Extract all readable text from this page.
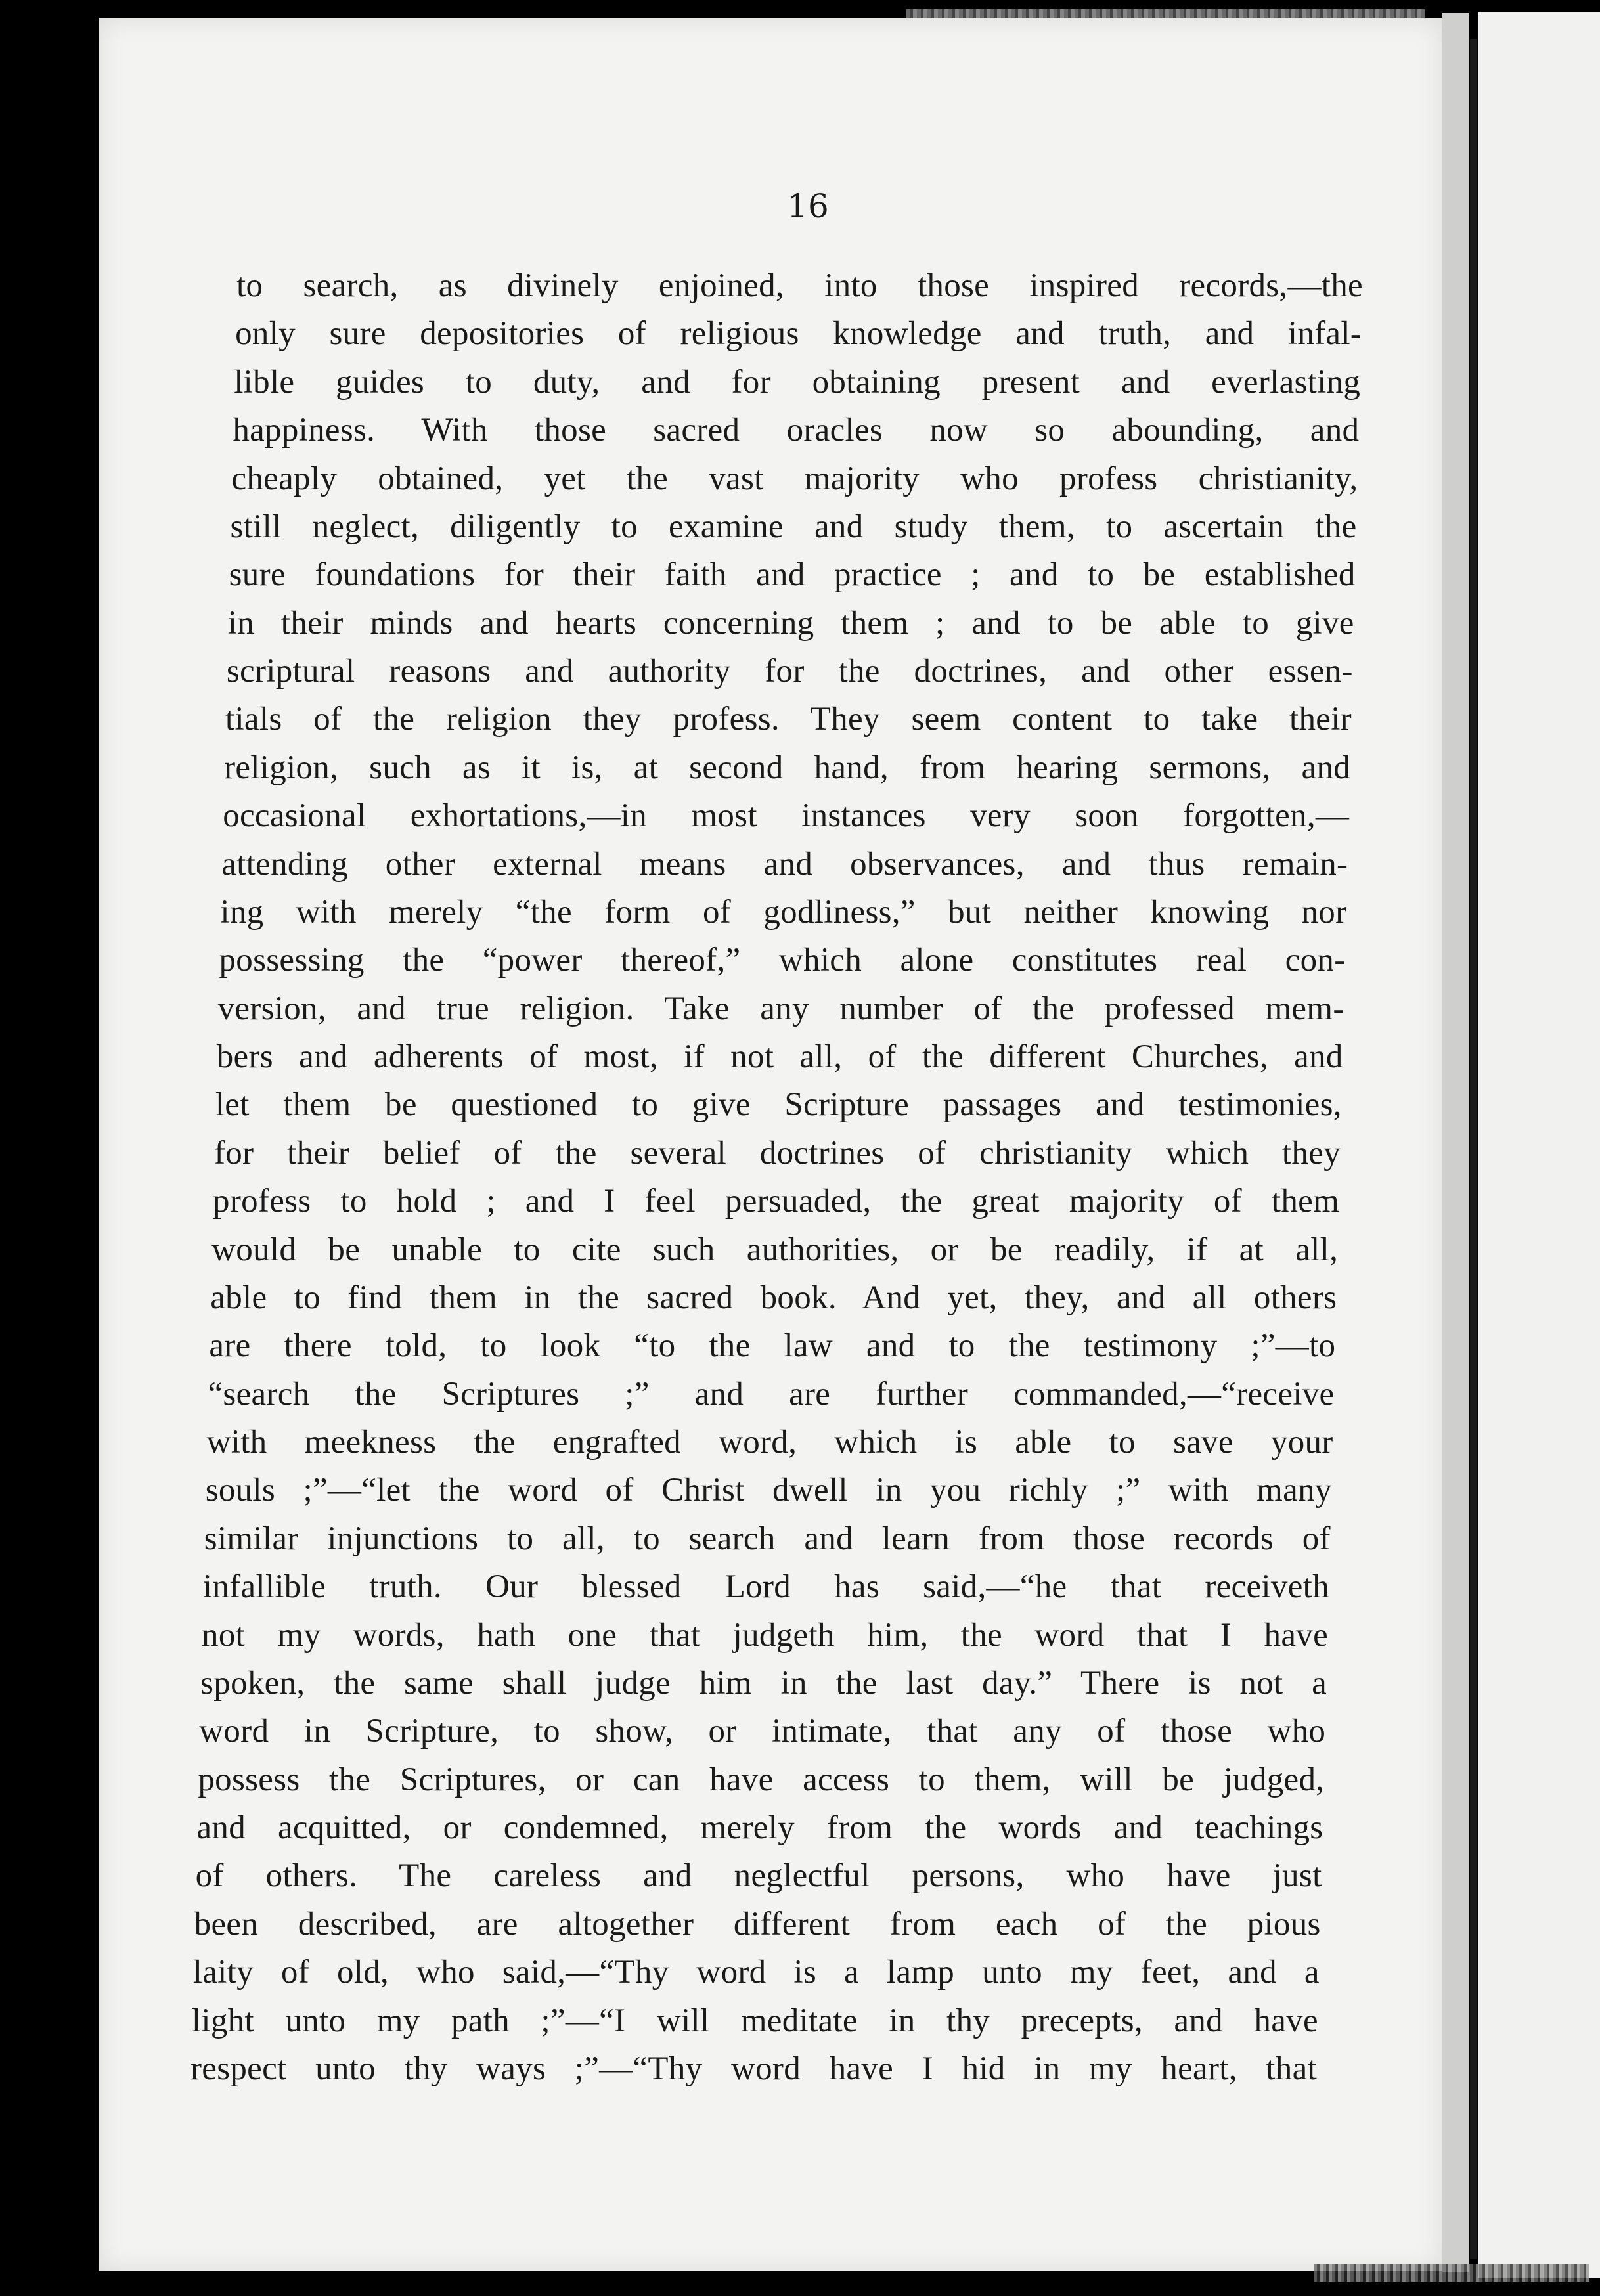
16
to search, as divinely enjoined, into those inspired records,—the
only sure depositories of religious knowledge and truth, and infal-
lible guides to duty, and for obtaining present and everlasting
happiness. With those sacred oracles now so abounding, and
cheaply obtained, yet the vast majority who profess christianity,
still neglect, diligently to examine and study them, to ascertain the
sure foundations for their faith and practice ; and to be established
in their minds and hearts concerning them ; and to be able to give
scriptural reasons and authority for the doctrines, and other essen-
tials of the religion they profess. They seem content to take their
religion, such as it is, at second hand, from hearing sermons, and
occasional exhortations,—in most instances very soon forgotten,—
attending other external means and observances, and thus remain-
ing with merely “the form of godliness,” but neither knowing nor
possessing the “power thereof,” which alone constitutes real con-
version, and true religion. Take any number of the professed mem-
bers and adherents of most, if not all, of the different Churches, and
let them be questioned to give Scripture passages and testimonies,
for their belief of the several doctrines of christianity which they
profess to hold ; and I feel persuaded, the great majority of them
would be unable to cite such authorities, or be readily, if at all,
able to find them in the sacred book. And yet, they, and all others
are there told, to look “to the law and to the testimony ;”—to
“search the Scriptures ;” and are further commanded,—“receive
with meekness the engrafted word, which is able to save your
souls ;”—“let the word of Christ dwell in you richly ;” with many
similar injunctions to all, to search and learn from those records of
infallible truth. Our blessed Lord has said,—“he that receiveth
not my words, hath one that judgeth him, the word that I have
spoken, the same shall judge him in the last day.” There is not a
word in Scripture, to show, or intimate, that any of those who
possess the Scriptures, or can have access to them, will be judged,
and acquitted, or condemned, merely from the words and teachings
of others. The careless and neglectful persons, who have just
been described, are altogether different from each of the pious
laity of old, who said,—“Thy word is a lamp unto my feet, and a
light unto my path ;”—“I will meditate in thy precepts, and have
respect unto thy ways ;”—“Thy word have I hid in my heart, that
